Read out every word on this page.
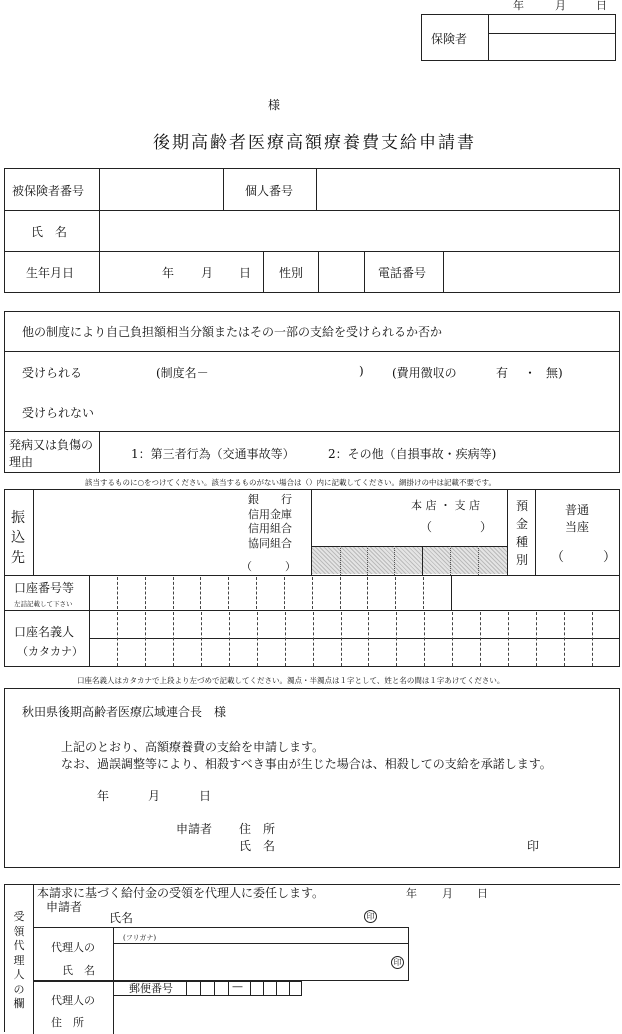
年	月	日
保険者
様
後期高齢者医療高額療養費支給申請書
被保険者番号	個人番号
氏　名
生年月日	年 月 日 性別	電話番号
他の制度により自己負担額相当分額またはその一部の支給を受けられるか否か
受けられる	(制度名－	) (費用徴収の	有 ・ 無)
受けられない
発病又は負傷の
理由
1：第三者行為（交通事故等）	2：その他（自損事故・疾病等)
該当するものに○をつけてください。該当するものがない場合は（）内に記載してください。網掛けの中は記載不要です。
振
込
先
銀　　行
信用金庫
信用組合
協同組合
（　　　）
本 店 ・ 支 店
（　　　　）
預
金
種
別
普通
当座
（　　　）
口座番号等
左詰記載して下さい
口座名義人
（カタカナ）
口座名義人はカタカナで上段より左づめで記載してください。濁点・半濁点は１字として、姓と名の間は１字あけてください。
秋田県後期高齢者医療広域連合長　様
上記のとおり、高額療養費の支給を申請します。
なお、過誤調整等により、相殺すべき事由が生じた場合は、相殺しての支給を承諾します。
年	月	日
申請者 住　所
氏　名	印
受
領
代
理
人
の
欄
本請求に基づく給付金の受領を代理人に委任します。	年 月 日
申請者
氏名	印
代理人の
氏　名
(フリガナ)
印
代理人の
住　所
郵便番号	—
